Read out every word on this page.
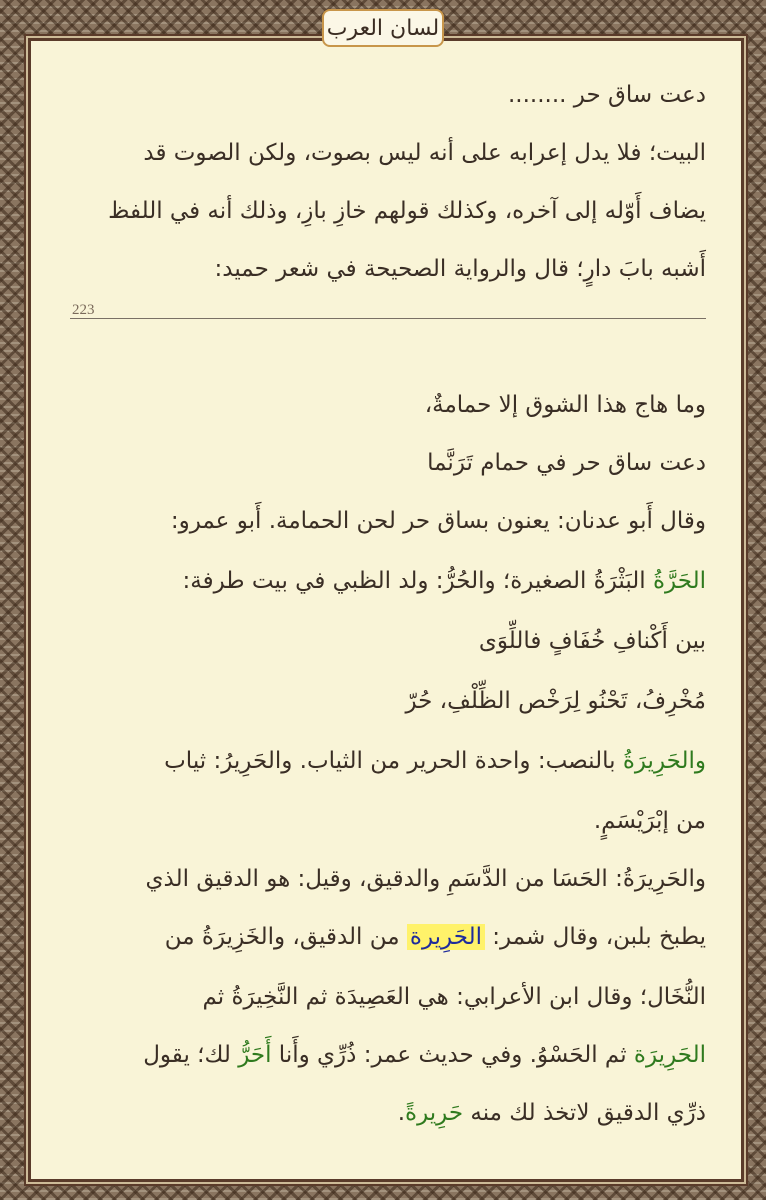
لسان العرب
دعت ساق حر ........
البيت؛ فلا يدل إعرابه على أنه ليس بصوت، ولكن الصوت قد
يضاف أَوّله إلى آخره، وكذلك قولهم خازِ بازِ، وذلك أنه في اللفظ
أَشبه بابَ دارٍ؛ قال والرواية الصحيحة في شعر حميد:
وما هاج هذا الشوق إلا حمامةٌ،
دعت ساق حر في حمام تَرَنَّما
وقال أَبو عدنان: يعنون بساق حر لحن الحمامة. أَبو عمرو:
الحَرَّةُ البَثْرَةُ الصغيرة؛ والحُرُّ: ولد الظبي في بيت طرفة:
بين أَكْنافِ خُفَافٍ فاللِّوَى
مُخْرِفُ، تَحْنُو لِرَخْص الظِّلْفِ، حُرّ
والحَرِيرَةُ بالنصب: واحدة الحرير من الثياب. والحَرِيرُ: ثياب
من إبْرَيْسَمٍ.
والحَرِيرَةُ: الحَسَا من الدَّسَمِ والدقيق، وقيل: هو الدقيق الذي
يطبخ بلبن، وقال شمر: الحَرِيرة من الدقيق، والخَزِيرَةُ من
النُّخَال؛ وقال ابن الأعرابي: هي العَصِيدَة ثم النَّخِيرَةُ ثم
الحَرِيرَة ثم الحَسْوُ. وفي حديث عمر: ذُرِّي وأَنا أَحَرُّ لك؛ يقول
ذرِّي الدقيق لاتخذ لك منه حَرِيرةً.
223
